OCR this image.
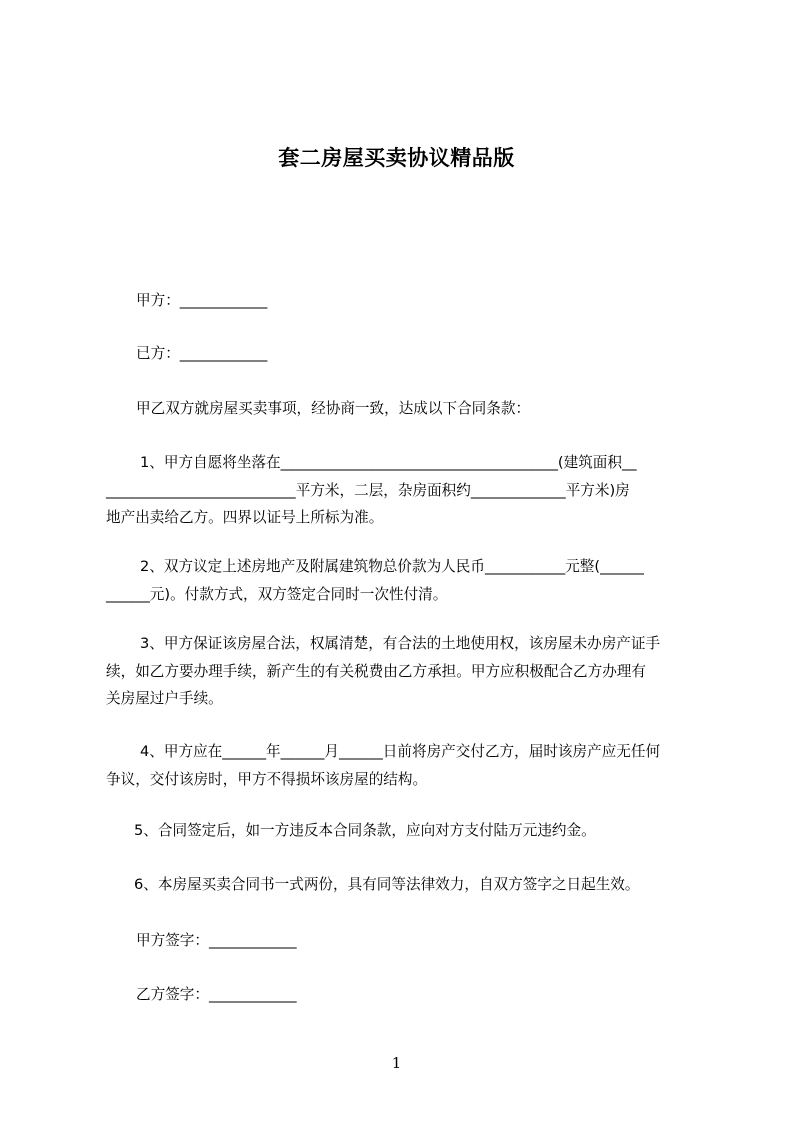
套二房屋买卖协议精品版
甲方：____________
已方：____________
甲乙双方就房屋买卖事项，经协商一致，达成以下合同条款：
1、甲方自愿将坐落在______________________________________(建筑面积__
__________________________平方米，二层，杂房面积约_____________平方米)房
地产出卖给乙方。四界以证号上所标为准。
2、双方议定上述房地产及附属建筑物总价款为人民币___________元整(______
______元)。付款方式，双方签定合同时一次性付清。
3、甲方保证该房屋合法，权属清楚，有合法的土地使用权，该房屋未办房产证手
续，如乙方要办理手续，新产生的有关税费由乙方承担。甲方应积极配合乙方办理有
关房屋过户手续。
4、甲方应在______年______月______日前将房产交付乙方，届时该房产应无任何
争议，交付该房时，甲方不得损坏该房屋的结构。
5、合同签定后，如一方违反本合同条款，应向对方支付陆万元违约金。
6、本房屋买卖合同书一式两份，具有同等法律效力，自双方签字之日起生效。
甲方签字：____________
乙方签字：____________
1
